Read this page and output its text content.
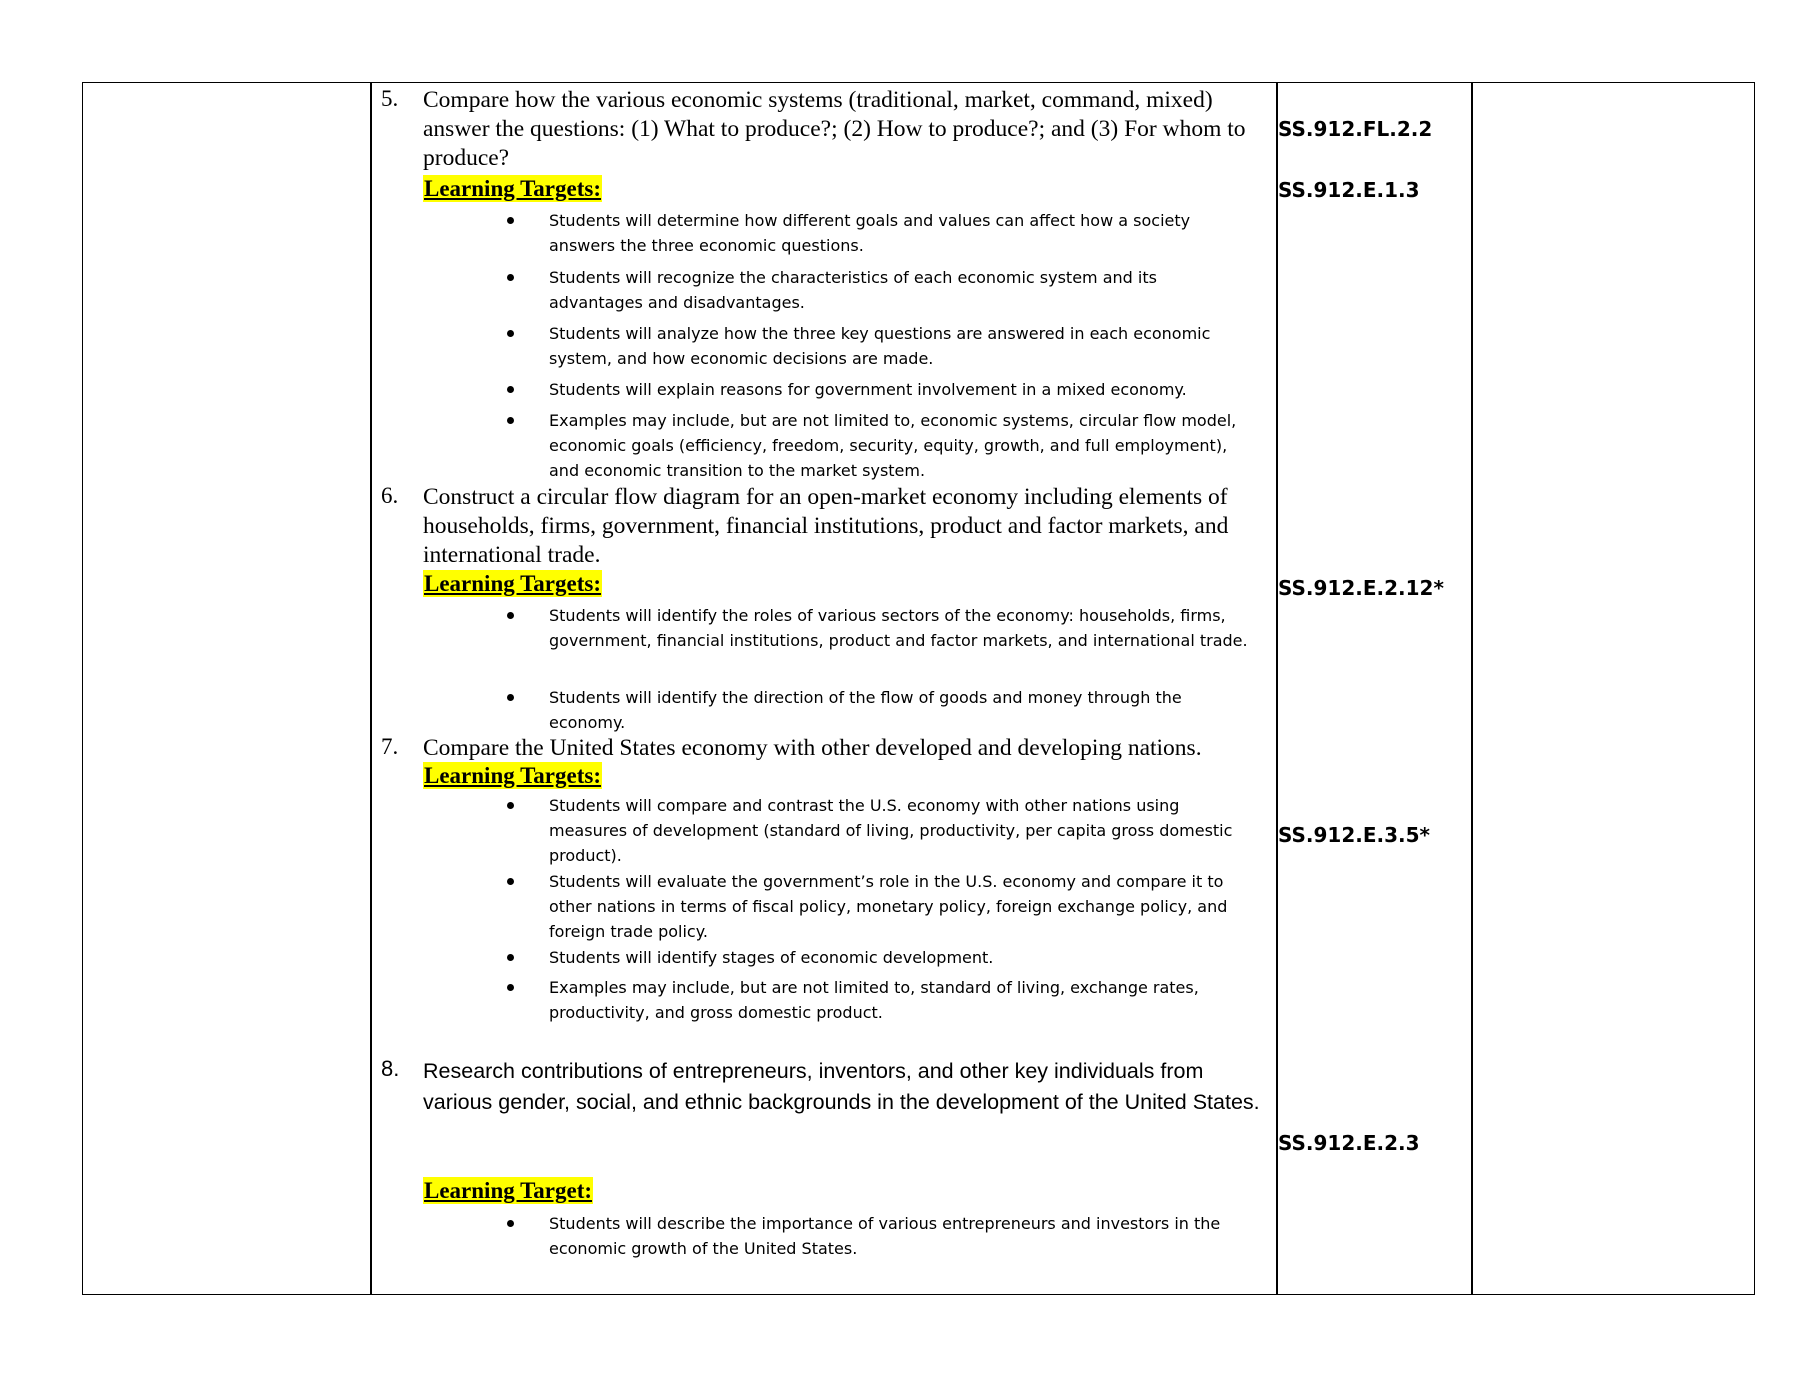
5. Compare how the various economic systems (traditional, market, command, mixed) answer the questions: (1) What to produce?; (2) How to produce?; and (3) For whom to produce?
Learning Targets:
Students will determine how different goals and values can affect how a society answers the three economic questions.
Students will recognize the characteristics of each economic system and its advantages and disadvantages.
Students will analyze how the three key questions are answered in each economic system, and how economic decisions are made.
Students will explain reasons for government involvement in a mixed economy.
Examples may include, but are not limited to, economic systems, circular flow model, economic goals (efficiency, freedom, security, equity, growth, and full employment), and economic transition to the market system.
6. Construct a circular flow diagram for an open-market economy including elements of households, firms, government, financial institutions, product and factor markets, and international trade.
Learning Targets:
Students will identify the roles of various sectors of the economy: households, firms, government, financial institutions, product and factor markets, and international trade.
Students will identify the direction of the flow of goods and money through the economy.
7. Compare the United States economy with other developed and developing nations.
Learning Targets:
Students will compare and contrast the U.S. economy with other nations using measures of development (standard of living, productivity, per capita gross domestic product).
Students will evaluate the government’s role in the U.S. economy and compare it to other nations in terms of fiscal policy, monetary policy, foreign exchange policy, and foreign trade policy.
Students will identify stages of economic development.
Examples may include, but are not limited to, standard of living, exchange rates, productivity, and gross domestic product.
8. Research contributions of entrepreneurs, inventors, and other key individuals from various gender, social, and ethnic backgrounds in the development of the United States.
Learning Target:
Students will describe the importance of various entrepreneurs and investors in the economic growth of the United States.
SS.912.FL.2.2
SS.912.E.1.3
SS.912.E.2.12*
SS.912.E.3.5*
SS.912.E.2.3
